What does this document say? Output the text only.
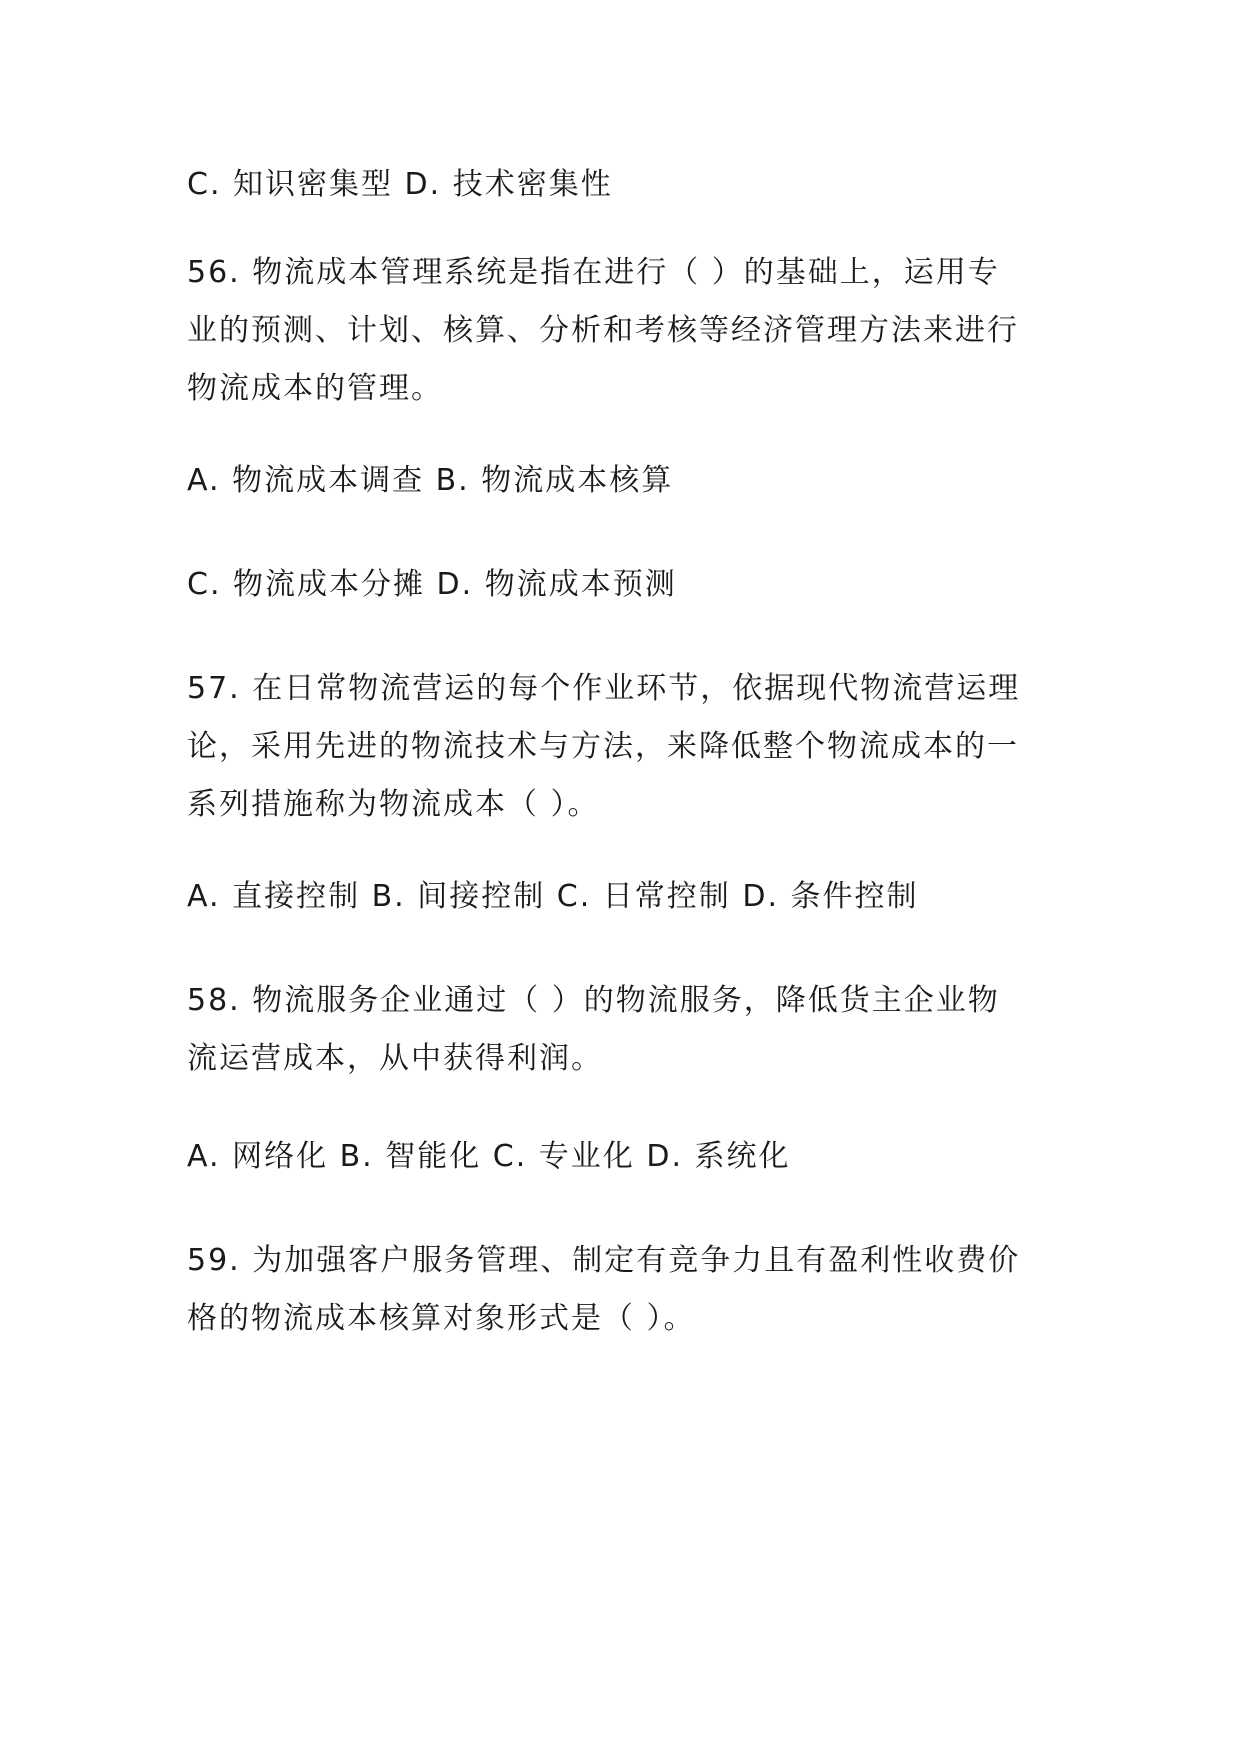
C. 知识密集型 D. 技术密集性

56. 物流成本管理系统是指在进行（ ）的基础上，运用专
业的预测、计划、核算、分析和考核等经济管理方法来进行
物流成本的管理。

A. 物流成本调查 B. 物流成本核算

C. 物流成本分摊 D. 物流成本预测

57. 在日常物流营运的每个作业环节，依据现代物流营运理
论，采用先进的物流技术与方法，来降低整个物流成本的一
系列措施称为物流成本（ ）。

A. 直接控制 B. 间接控制 C. 日常控制 D. 条件控制

58. 物流服务企业通过（ ）的物流服务，降低货主企业物
流运营成本，从中获得利润。

A. 网络化 B. 智能化 C. 专业化 D. 系统化

59. 为加强客户服务管理、制定有竞争力且有盈利性收费价
格的物流成本核算对象形式是（ ）。
